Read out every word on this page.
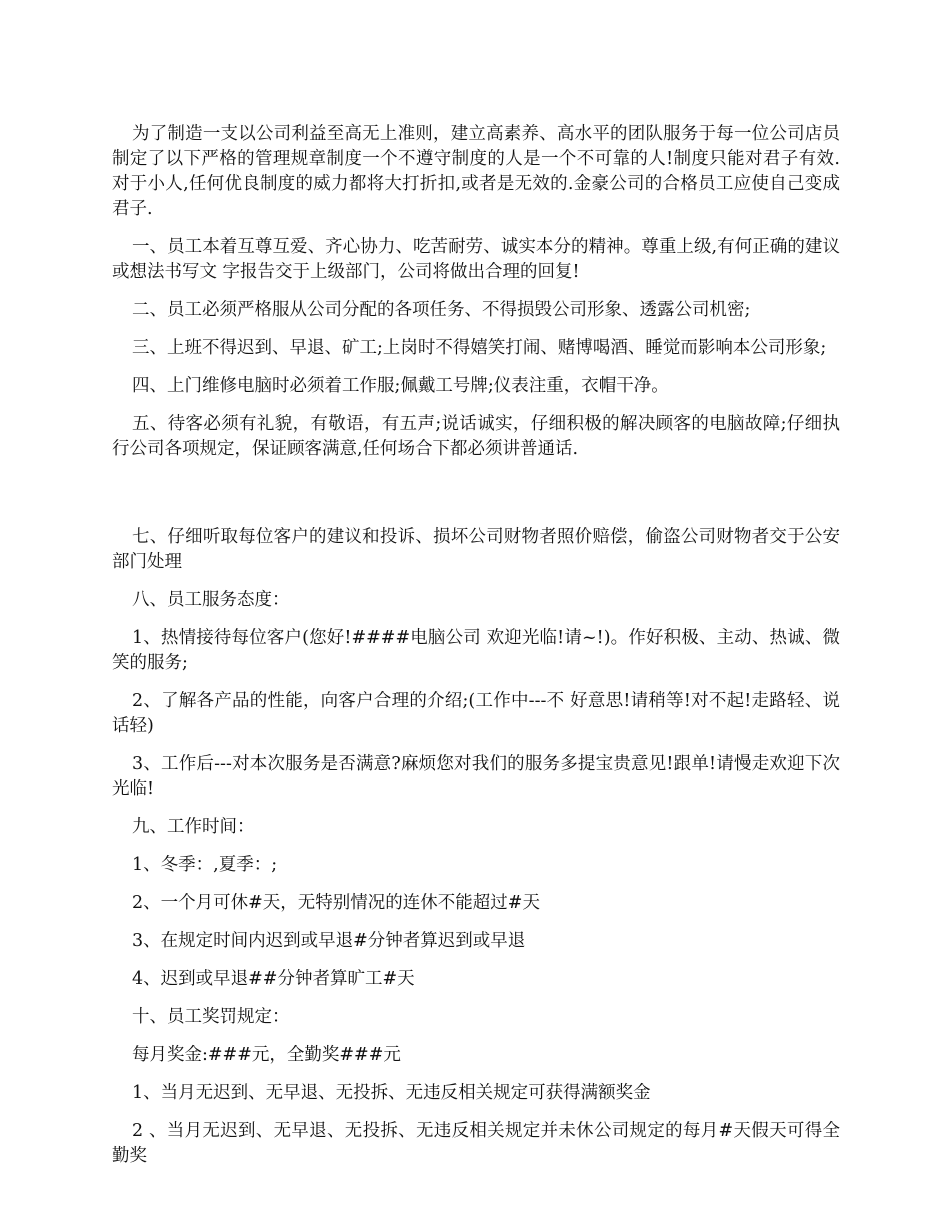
为了制造一支以公司利益至高无上准则，建立高素养、高水平的团队服务于每一位公司店员制定了以下严格的管理规章制度一个不遵守制度的人是一个不可靠的人!制度只能对君子有效.对于小人,任何优良制度的威力都将大打折扣,或者是无效的.金豪公司的合格员工应使自己变成君子.

一、员工本着互尊互爱、齐心协力、吃苦耐劳、诚实本分的精神。尊重上级,有何正确的建议或想法书写文 字报告交于上级部门，公司将做出合理的回复!

二、员工必须严格服从公司分配的各项任务、不得损毁公司形象、透露公司机密;

三、上班不得迟到、早退、矿工;上岗时不得嬉笑打闹、赌博喝酒、睡觉而影响本公司形象;

四、上门维修电脑时必须着工作服;佩戴工号牌;仪表注重，衣帽干净。

五、待客必须有礼貌，有敬语，有五声;说话诚实，仔细积极的解决顾客的电脑故障;仔细执行公司各项规定，保证顾客满意,任何场合下都必须讲普通话.

七、仔细听取每位客户的建议和投诉、损坏公司财物者照价赔偿，偷盗公司财物者交于公安部门处理

八、员工服务态度：

1、热情接待每位客户(您好!####电脑公司 欢迎光临!请~!)。作好积极、主动、热诚、微笑的服务;

2、了解各产品的性能，向客户合理的介绍;(工作中---不 好意思!请稍等!对不起!走路轻、说话轻)

3、工作后---对本次服务是否满意?麻烦您对我们的服务多提宝贵意见!跟单!请慢走欢迎下次光临!

九、工作时间：

1、冬季：,夏季：;

2、一个月可休#天，无特别情况的连休不能超过#天

3、在规定时间内迟到或早退#分钟者算迟到或早退

4、迟到或早退##分钟者算旷工#天

十、员工奖罚规定：

每月奖金:###元，全勤奖###元

1、当月无迟到、无早退、无投拆、无违反相关规定可获得满额奖金

2 、当月无迟到、无早退、无投拆、无违反相关规定并未休公司规定的每月#天假天可得全勤奖
